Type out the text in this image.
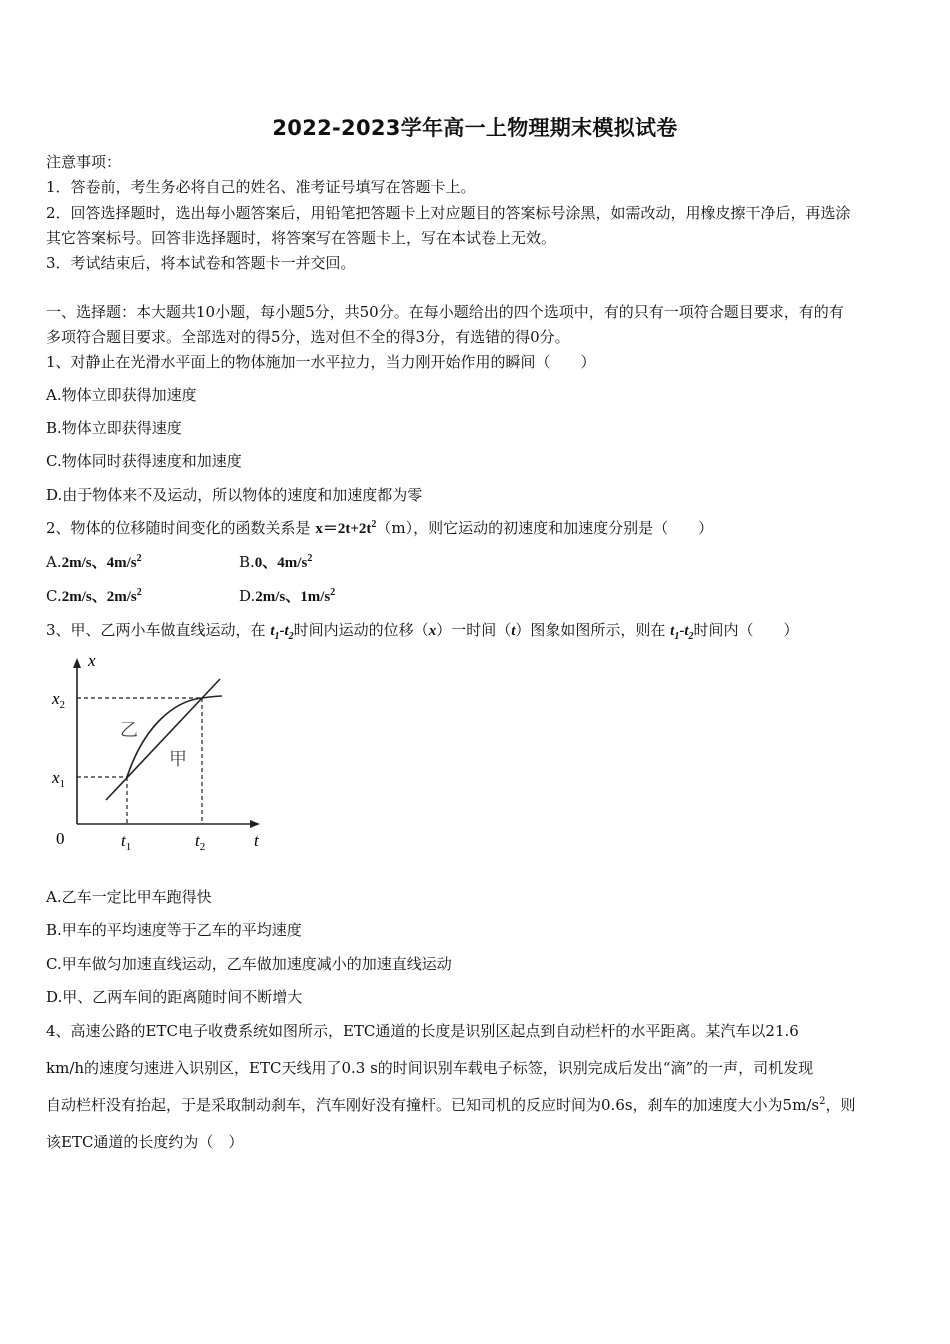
2022-2023学年高一上物理期末模拟试卷
注意事项：
1．答卷前，考生务必将自己的姓名、准考证号填写在答题卡上。
2．回答选择题时，选出每小题答案后，用铅笔把答题卡上对应题目的答案标号涂黑，如需改动，用橡皮擦干净后，再选涂
其它答案标号。回答非选择题时，将答案写在答题卡上，写在本试卷上无效。
3．考试结束后，将本试卷和答题卡一并交回。
一、选择题：本大题共10小题，每小题5分，共50分。在每小题给出的四个选项中，有的只有一项符合题目要求，有的有
多项符合题目要求。全部选对的得5分，选对但不全的得3分，有选错的得0分。
1、对静止在光滑水平面上的物体施加一水平拉力，当力刚开始作用的瞬间（　　）
A.物体立即获得加速度
B.物体立即获得速度
C.物体同时获得速度和加速度
D.由于物体来不及运动，所以物体的速度和加速度都为零
2、物体的位移随时间变化的函数关系是 $x=2t+2t^2(m)$，则它运动的初速度和加速度分别是（　　）
A.2m/s、$4m/s^2$	B.0、$4m/s^2$
C.2m/s、$2m/s^2$	D.2m/s、$1m/s^2$
3、甲、乙两小车做直线运动，在 $t_1-t_2$时间内运动的位移（x）一时间（t）图象如图所示，则在 $t_1-t_2$时间内（　　）
x
t
0
$x_2$
$x_1$
$t_1$	$t_2$
乙
甲
A.乙车一定比甲车跑得快
B.甲车的平均速度等于乙车的平均速度
C.甲车做匀加速直线运动，乙车做加速度减小的加速直线运动
D.甲、乙两车间的距离随时间不断增大
4、高速公路的ETC电子收费系统如图所示，ETC通道的长度是识别区起点到自动栏杆的水平距离。某汽车以21.6
km/h的速度匀速进入识别区，ETC天线用了0.3 s的时间识别车载电子标签，识别完成后发出“滴”的一声，司机发现
自动栏杆没有抬起，于是采取制动刹车，汽车刚好没有撞杆。已知司机的反应时间为0.6s，刹车的加速度大小为$5m/s^2$，则
该ETC通道的长度约为（　）
